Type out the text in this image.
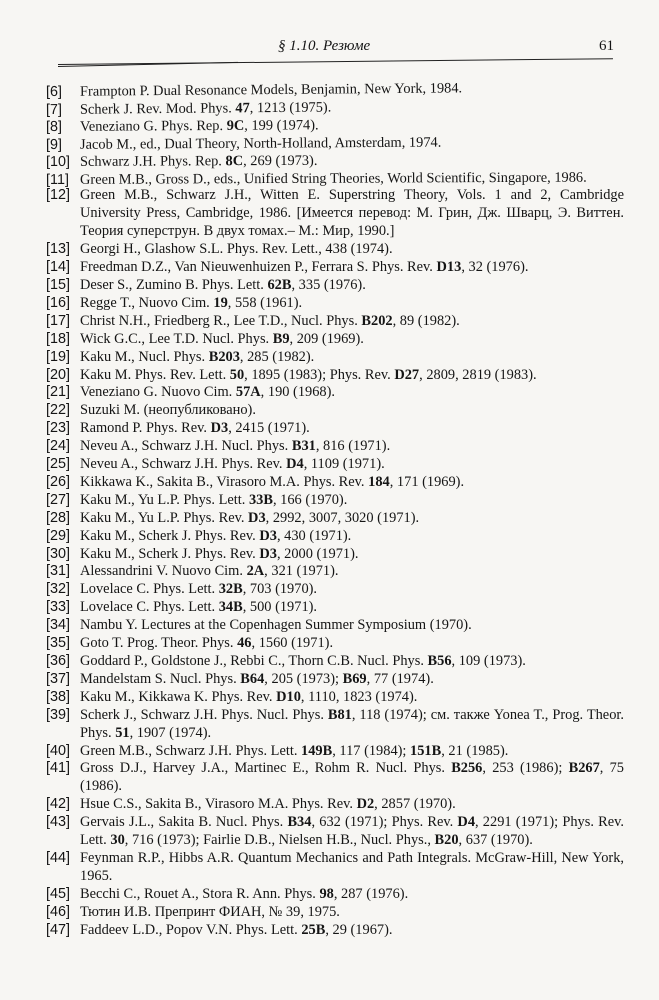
§ 1.10. Резюме	61
[6]	Frampton P. Dual Resonance Models, Benjamin, New York, 1984.
[7]	Scherk J. Rev. Mod. Phys. 47, 1213 (1975).
[8]	Veneziano G. Phys. Rep. 9C, 199 (1974).
[9]	Jacob M., ed., Dual Theory, North-Holland, Amsterdam, 1974.
[10] Schwarz J.H. Phys. Rep. 8C, 269 (1973).
[11] Green M.B., Gross D., eds., Unified String Theories, World Scientific, Singapore, 1986.
[12] Green M.B., Schwarz J.H., Witten E. Superstring Theory, Vols. 1 and 2, Cambridge University Press, Cambridge, 1986. [Имеется перевод: М. Грин, Дж. Шварц, Э. Виттен. Теория суперструн. В двух томах.– М.: Мир, 1990.]
[13] Georgi H., Glashow S.L. Phys. Rev. Lett., 438 (1974).
[14] Freedman D.Z., Van Nieuwenhuizen P., Ferrara S. Phys. Rev. D13, 32 (1976).
[15] Deser S., Zumino B. Phys. Lett. 62B, 335 (1976).
[16] Regge T., Nuovo Cim. 19, 558 (1961).
[17] Christ N.H., Friedberg R., Lee T.D., Nucl. Phys. B202, 89 (1982).
[18] Wick G.C., Lee T.D. Nucl. Phys. B9, 209 (1969).
[19] Kaku M., Nucl. Phys. B203, 285 (1982).
[20] Kaku M. Phys. Rev. Lett. 50, 1895 (1983); Phys. Rev. D27, 2809, 2819 (1983).
[21] Veneziano G. Nuovo Cim. 57A, 190 (1968).
[22] Suzuki M. (неопубликовано).
[23] Ramond P. Phys. Rev. D3, 2415 (1971).
[24] Neveu A., Schwarz J.H. Nucl. Phys. B31, 816 (1971).
[25] Neveu A., Schwarz J.H. Phys. Rev. D4, 1109 (1971).
[26] Kikkawa K., Sakita B., Virasoro M.A. Phys. Rev. 184, 171 (1969).
[27] Kaku M., Yu L.P. Phys. Lett. 33B, 166 (1970).
[28] Kaku M., Yu L.P. Phys. Rev. D3, 2992, 3007, 3020 (1971).
[29] Kaku M., Scherk J. Phys. Rev. D3, 430 (1971).
[30] Kaku M., Scherk J. Phys. Rev. D3, 2000 (1971).
[31] Alessandrini V. Nuovo Cim. 2A, 321 (1971).
[32] Lovelace C. Phys. Lett. 32B, 703 (1970).
[33] Lovelace C. Phys. Lett. 34B, 500 (1971).
[34] Nambu Y. Lectures at the Copenhagen Summer Symposium (1970).
[35] Goto T. Prog. Theor. Phys. 46, 1560 (1971).
[36] Goddard P., Goldstone J., Rebbi C., Thorn C.B. Nucl. Phys. B56, 109 (1973).
[37] Mandelstam S. Nucl. Phys. B64, 205 (1973); B69, 77 (1974).
[38] Kaku M., Kikkawa K. Phys. Rev. D10, 1110, 1823 (1974).
[39] Scherk J., Schwarz J.H. Phys. Nucl. Phys. B81, 118 (1974); см. также Yonea T., Prog. Theor. Phys. 51, 1907 (1974).
[40] Green M.B., Schwarz J.H. Phys. Lett. 149B, 117 (1984); 151B, 21 (1985).
[41] Gross D.J., Harvey J.A., Martinec E., Rohm R. Nucl. Phys. B256, 253 (1986); B267, 75 (1986).
[42] Hsue C.S., Sakita B., Virasoro M.A. Phys. Rev. D2, 2857 (1970).
[43] Gervais J.L., Sakita B. Nucl. Phys. B34, 632 (1971); Phys. Rev. D4, 2291 (1971); Phys. Rev. Lett. 30, 716 (1973); Fairlie D.B., Nielsen H.B., Nucl. Phys., B20, 637 (1970).
[44] Feynman R.P., Hibbs A.R. Quantum Mechanics and Path Integrals. McGraw-Hill, New York, 1965.
[45] Becchi C., Rouet A., Stora R. Ann. Phys. 98, 287 (1976).
[46] Тютин И.В. Препринт ФИАН, № 39, 1975.
[47] Faddeev L.D., Popov V.N. Phys. Lett. 25B, 29 (1967).
